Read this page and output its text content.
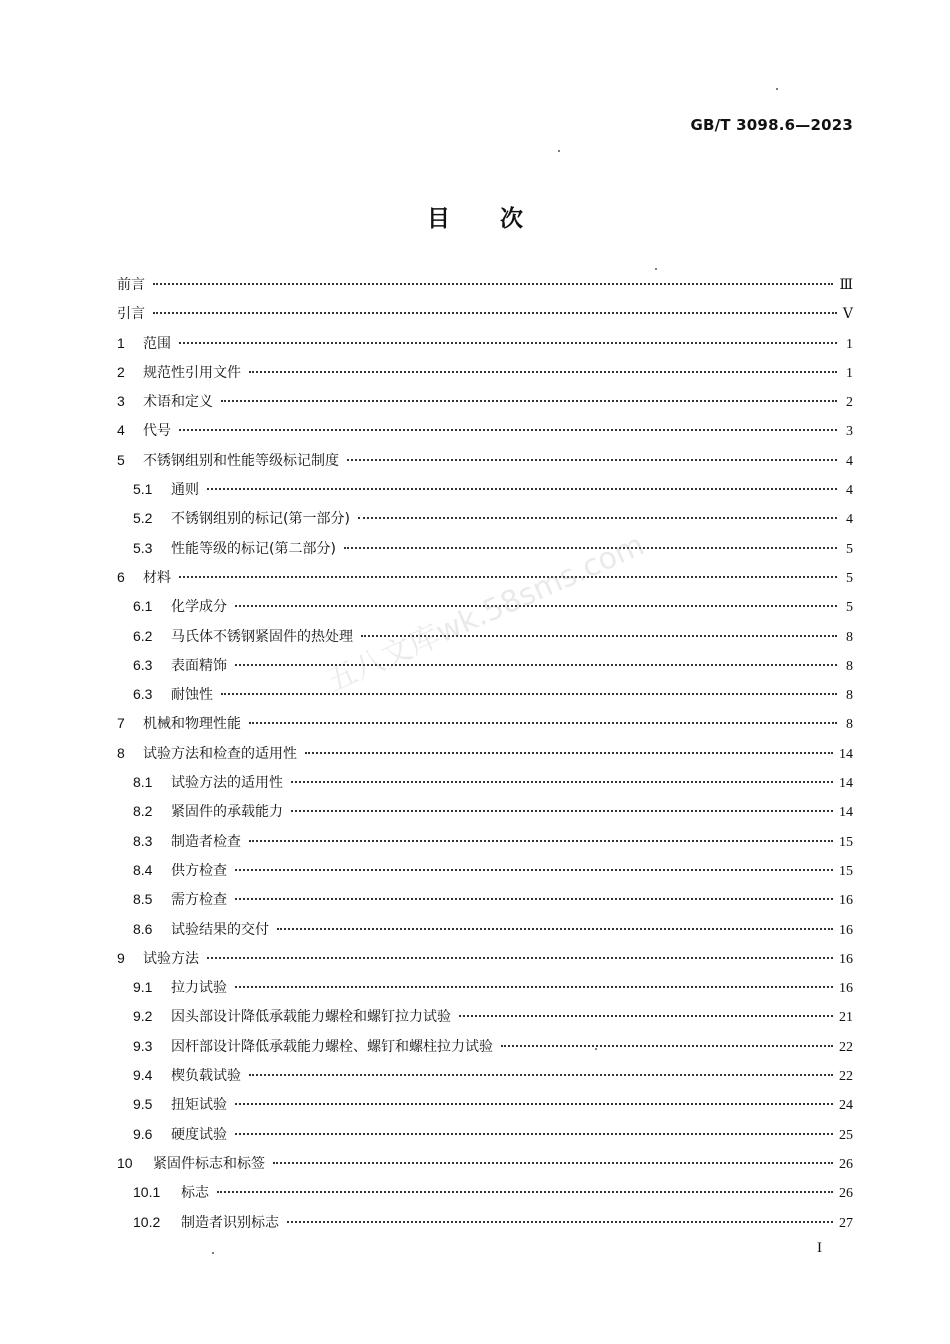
GB/T 3098.6—2023
目次
前言	Ⅲ
引言	Ⅴ
1	范围	1
2	规范性引用文件	1
3	术语和定义	2
4	代号	3
5	不锈钢组别和性能等级标记制度	4
5.1	通则	4
5.2	不锈钢组别的标记(第一部分)	4
5.3	性能等级的标记(第二部分)	5
6	材料	5
6.1	化学成分	5
6.2	马氏体不锈钢紧固件的热处理	8
6.3	表面精饰	8
6.3	耐蚀性	8
7	机械和物理性能	8
8	试验方法和检查的适用性	14
8.1	试验方法的适用性	14
8.2	紧固件的承载能力	14
8.3	制造者检查	15
8.4	供方检查	15
8.5	需方检查	16
8.6	试验结果的交付	16
9	试验方法	16
9.1	拉力试验	16
9.2	因头部设计降低承载能力螺栓和螺钉拉力试验	21
9.3	因杆部设计降低承载能力螺栓、螺钉和螺柱拉力试验	22
9.4	楔负载试验	22
9.5	扭矩试验	24
9.6	硬度试验	25
10	紧固件标志和标签	26
10.1	标志	26
10.2	制造者识别标志	27
I
五八文库wk.58sms.com
